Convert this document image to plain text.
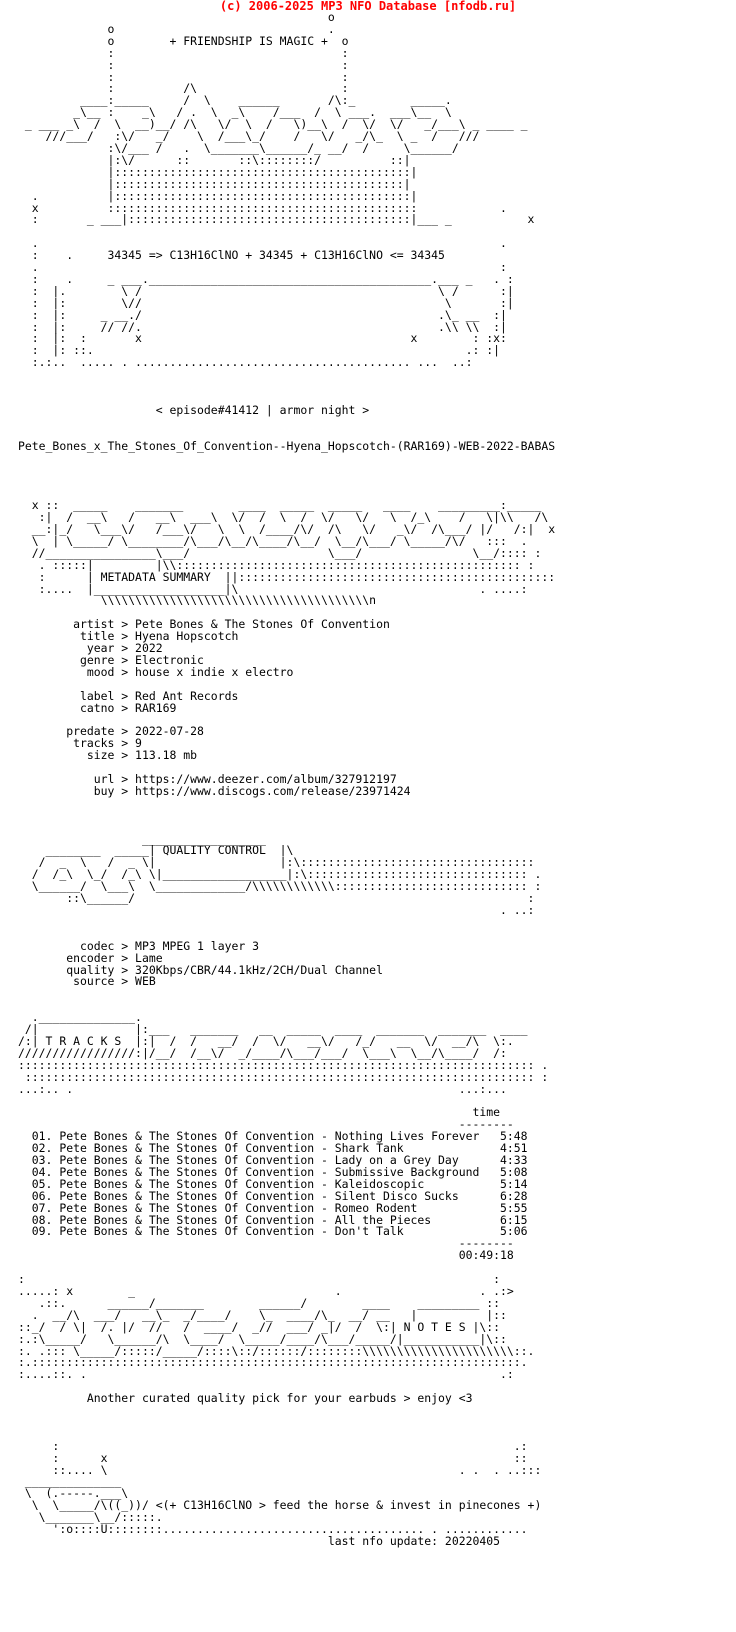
(c) 2006-2025 MP3 NFO Database [nfodb.ru]
o
o                               .
o        + FRIENDSHIP IS MAGIC +  o
:                                 :
:                                 :
:                                 :
:          /\                     :
____:_____     /  \    ______       /\:_        _____.
_\__ :    _\   / .  \  _\    /___  /  \ ___.  ___\__  \
_ ___ _\  /  \  __)__/ /\   \/  \  /   \)__\  /  \/  \/   _/___\ _ ____ _
///___/   :\/   _/    \  /___\_/    /   \/   _/\_  \ _  /   ///
:\/___ /   .  \_______\______/_ __/  /     \______/
|:\/      ::       ::\::::::::/          ::|
|:::::::::::::::::::::::::::::::::::::::::::|
|::::::::::::::::::::::::::::::::::::::::::|
.          |:::::::::::::::::::::::::::::::::::::::::::|
x          :::::::::::::::::::::::::::::::::::::::::::::            .
:       _ ___|:::::::::::::::::::::::::::::::::::::::::|___ _           x

.                                                                   .
:    .     34345 => C13H16ClNO + 34345 + C13H16ClNO <= 34345
.                                                                   :
:    .     _ ___._________________________________________.___ _   . :
:  |.        \ /                                           \ /      :|
:  |:        \//                                            \       :|
:  |:     _ __./                                           .\_ __  :|
:  |:     // //.                                           .\\ \\  :|
:  |:  :       x                                       x        : :x:
:  |: ::.                                                      .: :|
:.:..  ..... . ........................................ ...  ..:

< episode#41412 | armor night >

Pete_Bones_x_The_Stones_Of_Convention--Hyena_Hopscotch-(RAR169)-WEB-2022-BABAS

x ::  _____    _______        ____  _____  _____   ____    _________:_____
:|  /  __\   /   __\  ___\  \/  /  \  /  \/   \/   \  /_\    /   \|\\   /\
__:|_/   \___\/   /___\/   \  \  /____/\/  /\   \/   _\/  /\___/ |/   /:|  x
\  | \_____/ \________/\___/\__/\____/\__/  \__/\___/ \_____/\/   :::  .
//________________\___/                    \___/                \__/:::: :
. :::::|         |\\:::::::::::::::::::::::::::::::::::::::::::::::::: :
:      | METADATA SUMMARY  ||::::::::::::::::::::::::::::::::::::::::::::::
:....  |___________________|\                                   . ....:
\\\\\\\\\\\\\\\\\\\\\\\\\\\\\\\\\\\\\\\n

artist > Pete Bones & The Stones Of Convention
title > Hyena Hopscotch
year > 2022
genre > Electronic
mood > house x indie x electro

label > Red Ant Records
catno > RAR169

predate > 2022-07-28
tracks > 9
size > 113.18 mb

url > https://www.deezer.com/album/327912197
buy > https://www.discogs.com/release/23971424

__________________
________  _____| QUALITY CONTROL  |\
/  _  \   /  _ \|                  |:\::::::::::::::::::::::::::::::::::
/  /_\  \_/  /_\ \|__________________|:\:::::::::::::::::::::::::::::::: .
\______/  \___\  \_____________/\\\\\\\\\\\\:::::::::::::::::::::::::::: :
::\______/                                                         :
. ..:

codec > MP3 MPEG 1 layer 3
encoder > Lame
quality > 320Kbps/CBR/44.1kHz/2CH/Dual Channel
source > WEB

.______________.
/|              |:___   _______   __  _____  ____  _______  _______  ____
/:| T R A C K S  |:|  /  /   __/  /  \/   __\/   /_/   __  \/  __/\  \:.
/////////////////:|/__/  /__\/  _/____/\___/___/  \___\  \__/\____/  /:
::::::::::::::::::::::::::::::::::::::::::::::::::::::::::::::::::::::::::: .
:::::::::::::::::::::::::::::::::::::::::::::::::::::::::::::::::::::::::: :
...:.. .                                                        ...:...

time
--------
01. Pete Bones & The Stones Of Convention - Nothing Lives Forever   5:48
02. Pete Bones & The Stones Of Convention - Shark Tank              4:51
03. Pete Bones & The Stones Of Convention - Lady on a Grey Day      4:33
04. Pete Bones & The Stones Of Convention - Submissive Background   5:08
05. Pete Bones & The Stones Of Convention - Kaleidoscopic           5:14
06. Pete Bones & The Stones Of Convention - Silent Disco Sucks      6:28
07. Pete Bones & The Stones Of Convention - Romeo Rodent            5:55
08. Pete Bones & The Stones Of Convention - All the Pieces          6:15
09. Pete Bones & The Stones Of Convention - Don't Talk              5:06
--------
00:49:18

:                                                                    :
.....: x        _                             .                    . .:>
.::.      ______/_______        ______/        ____    _________ ::
.  __/\  ___/   __\_  _/____/    \_  ____/\_  __/ __   |          |::
::_/  / \|  /. |/  //   /  ____/  _//  ___/ _|/  /  \:| N O T E S |\::
:.:\_____/   \______/\  \____/  \_____/____/\___/_____/|___________|\::
:. .::: \_____/:::::/_____/::::\::/::::::/::::::::\\\\\\\\\\\\\\\\\\\\\\::.
:.:::::::::::::::::::::::::::::::::::::::::::::::::::::::::::::::::::::::.
:....::. .                                                            .:

Another curated quality pick for your earbuds > enjoy <3

:                                                                  .:
:      x                                                           ::
::.... \                                                   . .  . ..:::
______________
\  (.-----.___\
\  \_____/\((_))/ <(+ C13H16ClNO > feed the horse & invest in pinecones +)
\_______\__/:::::.
':o::::U::::::::...................................... . ............
last nfo update: 20220405
